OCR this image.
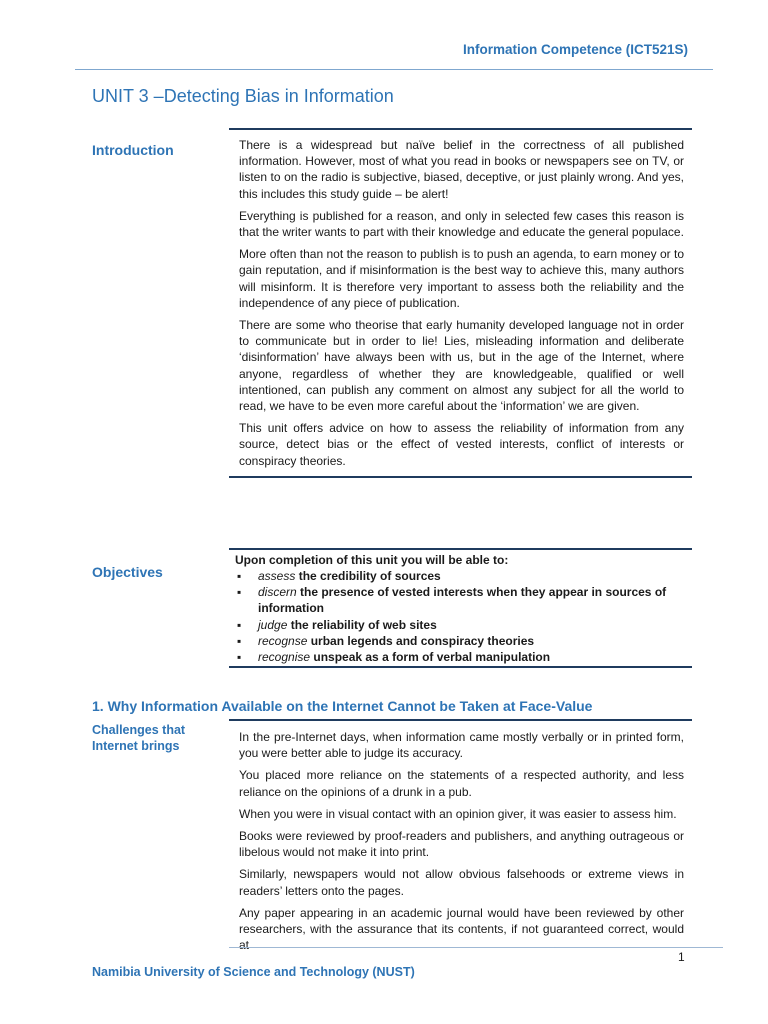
Information Competence (ICT521S)
UNIT 3 –Detecting Bias in Information
Introduction	There is a widespread but naïve belief in the correctness of all published information. However, most of what you read in books or newspapers see on TV, or listen to on the radio is subjective, biased, deceptive, or just plainly wrong. And yes, this includes this study guide – be alert!

Everything is published for a reason, and only in selected few cases this reason is that the writer wants to part with their knowledge and educate the general populace.

More often than not the reason to publish is to push an agenda, to earn money or to gain reputation, and if misinformation is the best way to achieve this, many authors will misinform. It is therefore very important to assess both the reliability and the independence of any piece of publication.

There are some who theorise that early humanity developed language not in order to communicate but in order to lie! Lies, misleading information and deliberate ‘disinformation’ have always been with us, but in the age of the Internet, where anyone, regardless of whether they are knowledgeable, qualified or well intentioned, can publish any comment on almost any subject for all the world to read, we have to be even more careful about the ‘information’ we are given.

This unit offers advice on how to assess the reliability of information from any source, detect bias or the effect of vested interests, conflict of interests or conspiracy theories.

Objectives
Upon completion of this unit you will be able to:
▪ assess the credibility of sources
▪ discern the presence of vested interests when they appear in sources of information
▪ judge the reliability of web sites
▪ recognse urban legends and conspiracy theories
▪ recognise unspeak as a form of verbal manipulation
1. Why Information Available on the Internet Cannot be Taken at Face-Value
Challenges that
Internet brings

In the pre-Internet days, when information came mostly verbally or in printed form, you were better able to judge its accuracy.

You placed more reliance on the statements of a respected authority, and less reliance on the opinions of a drunk in a pub.

When you were in visual contact with an opinion giver, it was easier to assess him.

Books were reviewed by proof-readers and publishers, and anything outrageous or libelous would not make it into print.

Similarly, newspapers would not allow obvious falsehoods or extreme views in readers’ letters onto the pages.

Any paper appearing in an academic journal would have been reviewed by other researchers, with the assurance that its contents, if not guaranteed correct, would at

1
Namibia University of Science and Technology (NUST)
